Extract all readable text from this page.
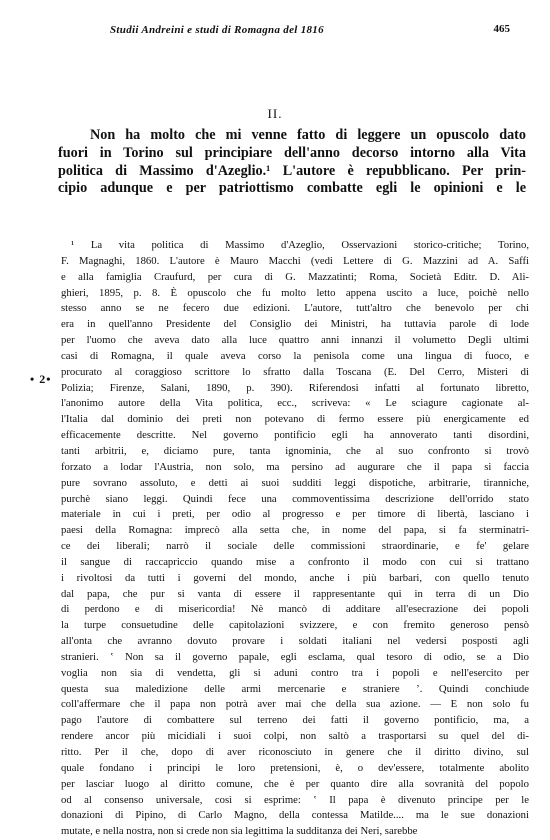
Studii Andreini e studi di Romagna del 1816	465
II.
Non ha molto che mi venne fatto di leggere un opuscolo dato
fuori in Torino sul principiare dell'anno decorso intorno alla Vita
politica di Massimo d'Azeglio.¹ L'autore è repubblicano. Per prin-
cipio adunque e per patriottismo combatte egli le opinioni e le
• 2•
¹ La vita politica di Massimo d'Azeglio, Osservazioni storico-critiche; Torino,
F. Magnaghi, 1860. L'autore è Mauro Macchi (vedi Lettere di G. Mazzini ad A. Saffi
e alla famiglia Craufurd, per cura di G. Mazzatinti; Roma, Società Editr. D. Ali-
ghieri, 1895, p. 8. È opuscolo che fu molto letto appena uscito a luce, poichè nello
stesso anno se ne fecero due edizioni. L'autore, tutt'altro che benevolo per chi
era in quell'anno Presidente del Consiglio dei Ministri, ha tuttavia parole di lode
per l'uomo che aveva dato alla luce quattro anni innanzi il volumetto Degli ultimi
casi di Romagna, il quale aveva corso la penisola come una lingua di fuoco, e
procurato al coraggioso scrittore lo sfratto dalla Toscana (E. Del Cerro, Misteri di
Polizia; Firenze, Salani, 1890, p. 390). Riferendosi infatti al fortunato libretto,
l'anonimo autore della Vita politica, ecc., scriveva: « Le sciagure cagionate al-
l'Italia dal dominio dei preti non potevano di fermo essere più energicamente ed
efficacemente descritte. Nel governo pontificio egli ha annoverato tanti disordini,
tanti arbitrii, e, diciamo pure, tanta ignominia, che al suo confronto si trovò
forzato a lodar l'Austria, non solo, ma persino ad augurare che il papa si faccia
pure sovrano assoluto, e detti ai suoi sudditi leggi dispotiche, arbitrarie, tiranniche,
purchè siano leggi. Quindi fece una commoventissima descrizione dell'orrido stato
materiale in cui i preti, per odio al progresso e per timore di libertà, lasciano i
paesi della Romagna: imprecò alla setta che, in nome del papa, si fa sterminatri-
ce dei liberali; narrò il sociale delle commissioni straordinarie, e fe' gelare
il sangue di raccapriccio quando mise a confronto il modo con cui si trattano
i rivoltosi da tutti i governi del mondo, anche i più barbari, con quello tenuto
dal papa, che pur si vanta di essere il rappresentante qui in terra di un Dio
di perdono e di misericordia! Nè mancò di additare all'esecrazione dei popoli
la turpe consuetudine delle capitolazioni svizzere, e con fremito generoso pensò
all'onta che avranno dovuto provare i soldati italiani nel vedersi posposti agli
stranieri. ‛ Non sa il governo papale, egli esclama, qual tesoro di odio, se a Dio
voglia non sia di vendetta, gli si aduni contro tra i popoli e nell'esercito per
questa sua maledizione delle armi mercenarie e straniere ’. Quindi conchiude
coll'affermare che il papa non potrà aver mai che della sua azione. — E non solo fu
pago l'autore di combattere sul terreno dei fatti il governo pontificio, ma, a
rendere ancor più micidiali i suoi colpi, non saltò a trasportarsi su quel del di-
ritto. Per il che, dopo di aver riconosciuto in genere che il diritto divino, sul
quale fondano i principi le loro pretensioni, è, o dev'essere, totalmente abolito
per lasciar luogo al diritto comune, che è per quanto dire alla sovranità del popolo
od al consenso universale, così si esprime: ‛ Il papa è divenuto principe per le
donazioni di Pipino, di Carlo Magno, della contessa Matilde.... ma le sue donazioni
mutate, e nella nostra, non si crede non sia legittima la sudditanza dei Neri, sarebbe
